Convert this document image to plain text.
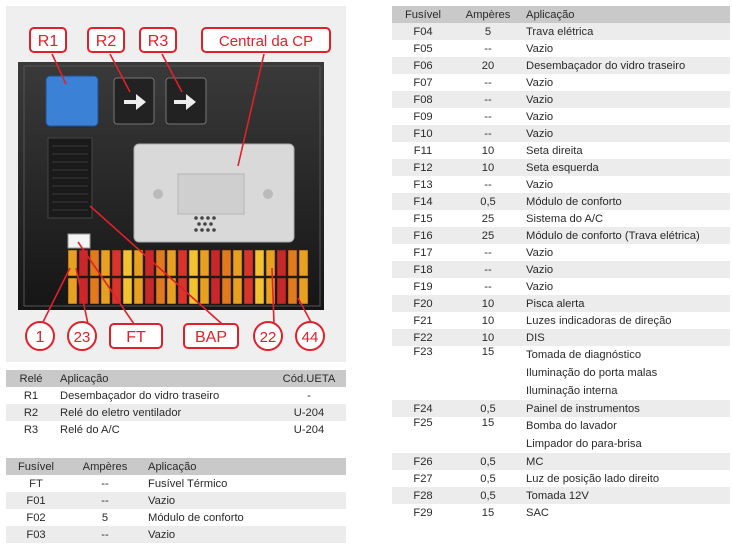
R1 R2 R3	Central da CP
1 23 FT	BAP 22 44
Relé	Aplicação	Cód.UETA
R1	Desembaçador do vidro traseiro	-
R2	Relé do eletro ventilador	U-204
R3	Relé do A/C	U-204
Fusível	Ampères	Aplicação
FT	--	Fusível Térmico
F01	--	Vazio
F02	5	Módulo de conforto
F03	--	Vazio
Fusível	Ampères	Aplicação
F04	5	Trava elétrica
F05	--	Vazio
F06	20	Desembaçador do vidro traseiro
F07	--	Vazio
F08	--	Vazio
F09	--	Vazio
F10	--	Vazio
F11	10	Seta direita
F12	10	Seta esquerda
F13	--	Vazio
F14	0,5	Módulo de conforto
F15	25	Sistema do A/C
F16	25	Módulo de conforto (Trava elétrica)
F17	--	Vazio
F18	--	Vazio
F19	--	Vazio
F20	10	Pisca alerta
F21	10	Luzes indicadoras de direção
F22	10	DIS
F23	15	Tomada de diagnóstico
Iluminação do porta malas
Iluminação interna

F24	0,5	Painel de instrumentos
F25	15	Bomba do lavador
Limpador do para-brisa

F26	0,5	MC
F27	0,5	Luz de posição lado direito
F28	0,5	Tomada 12V
F29	15	SAC
